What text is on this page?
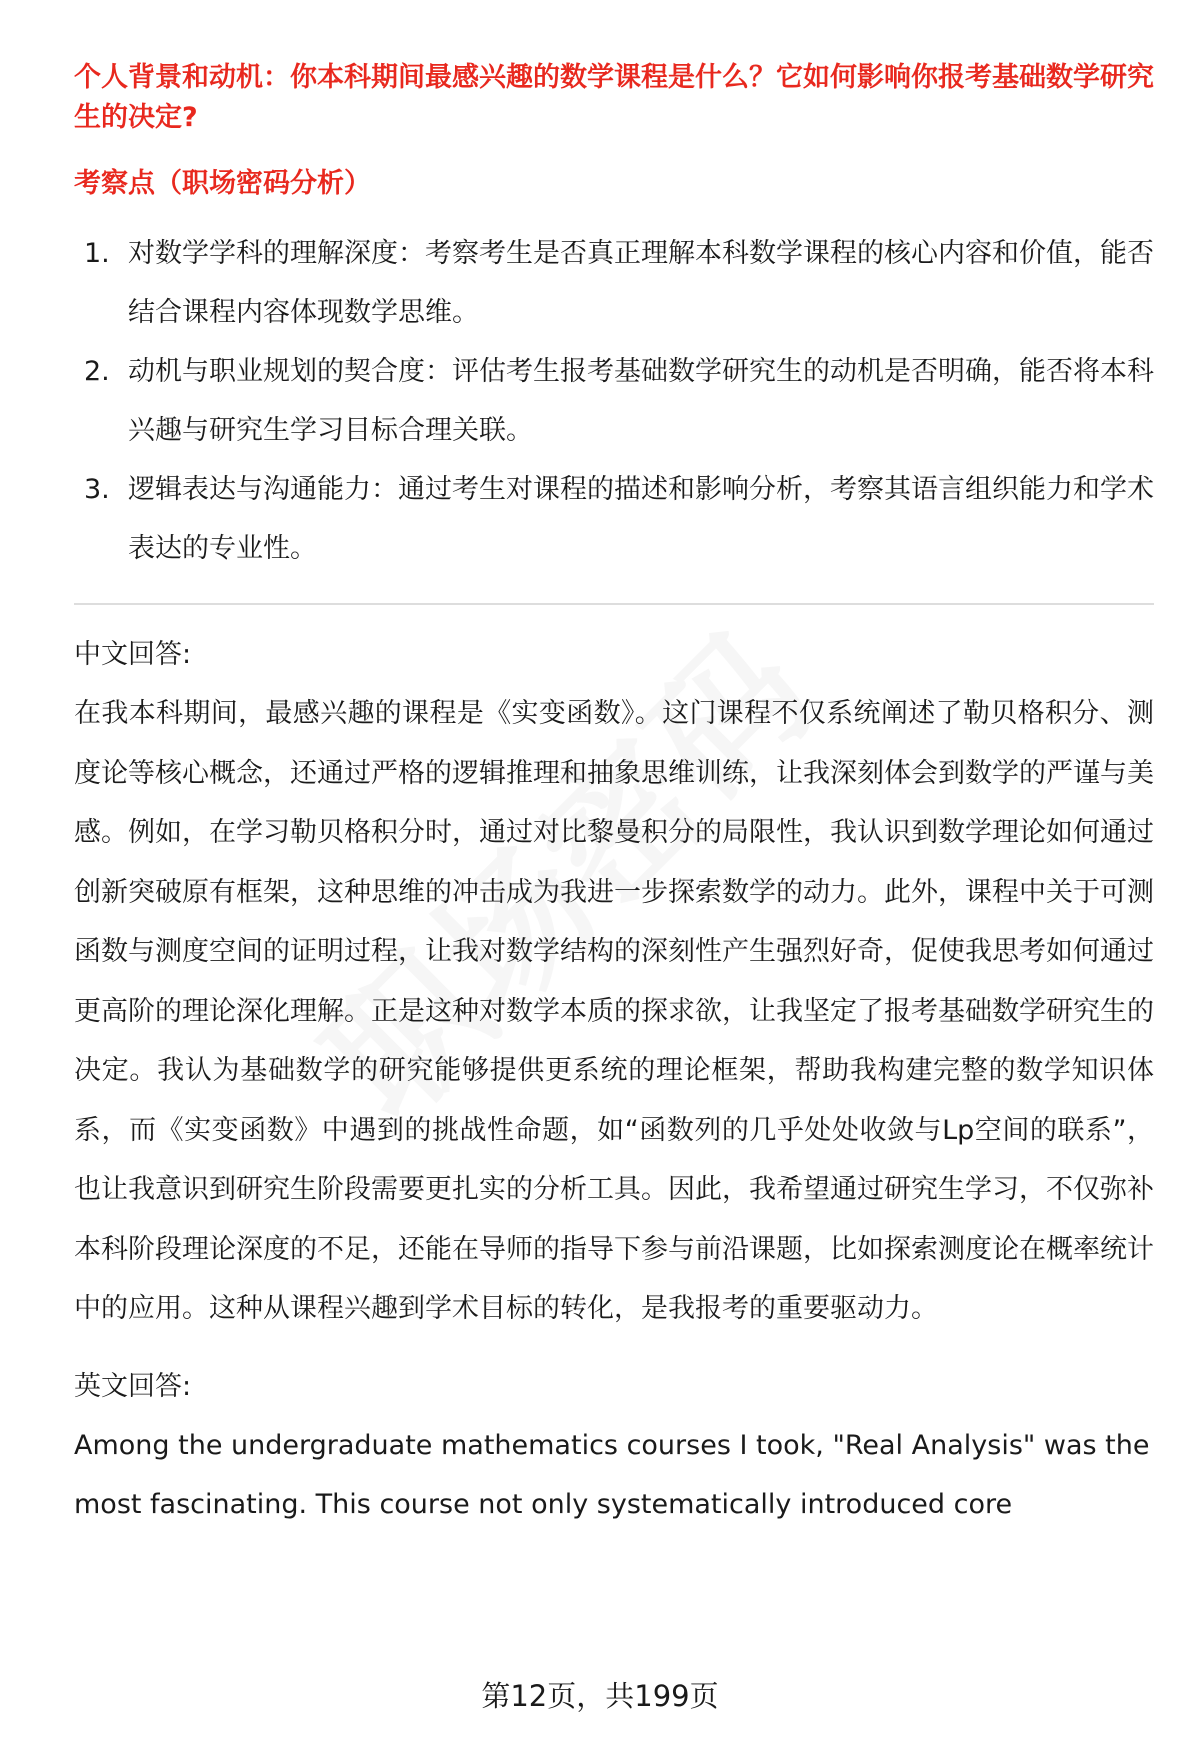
个人背景和动机：你本科期间最感兴趣的数学课程是什么？它如何影响你报考基础数学研究生的决定?

考察点（职场密码分析）

1. 对数学学科的理解深度：考察考生是否真正理解本科数学课程的核心内容和价值，能否结合课程内容体现数学思维。
2. 动机与职业规划的契合度：评估考生报考基础数学研究生的动机是否明确，能否将本科兴趣与研究生学习目标合理关联。
3. 逻辑表达与沟通能力：通过考生对课程的描述和影响分析，考察其语言组织能力和学术表达的专业性。

中文回答:

在我本科期间，最感兴趣的课程是《实变函数》。这门课程不仅系统阐述了勒贝格积分、测度论等核心概念，还通过严格的逻辑推理和抽象思维训练，让我深刻体会到数学的严谨与美感。例如，在学习勒贝格积分时，通过对比黎曼积分的局限性，我认识到数学理论如何通过创新突破原有框架，这种思维的冲击成为我进一步探索数学的动力。此外，课程中关于可测函数与测度空间的证明过程，让我对数学结构的深刻性产生强烈好奇，促使我思考如何通过更高阶的理论深化理解。正是这种对数学本质的探求欲，让我坚定了报考基础数学研究生的决定。我认为基础数学的研究能够提供更系统的理论框架，帮助我构建完整的数学知识体系，而《实变函数》中遇到的挑战性命题，如“函数列的几乎处处收敛与Lp空间的联系”，也让我意识到研究生阶段需要更扎实的分析工具。因此，我希望通过研究生学习，不仅弥补本科阶段理论深度的不足，还能在导师的指导下参与前沿课题，比如探索测度论在概率统计中的应用。这种从课程兴趣到学术目标的转化，是我报考的重要驱动力。

英文回答:

Among the undergraduate mathematics courses I took, "Real Analysis" was the most fascinating. This course not only systematically introduced core

第12页，共199页
